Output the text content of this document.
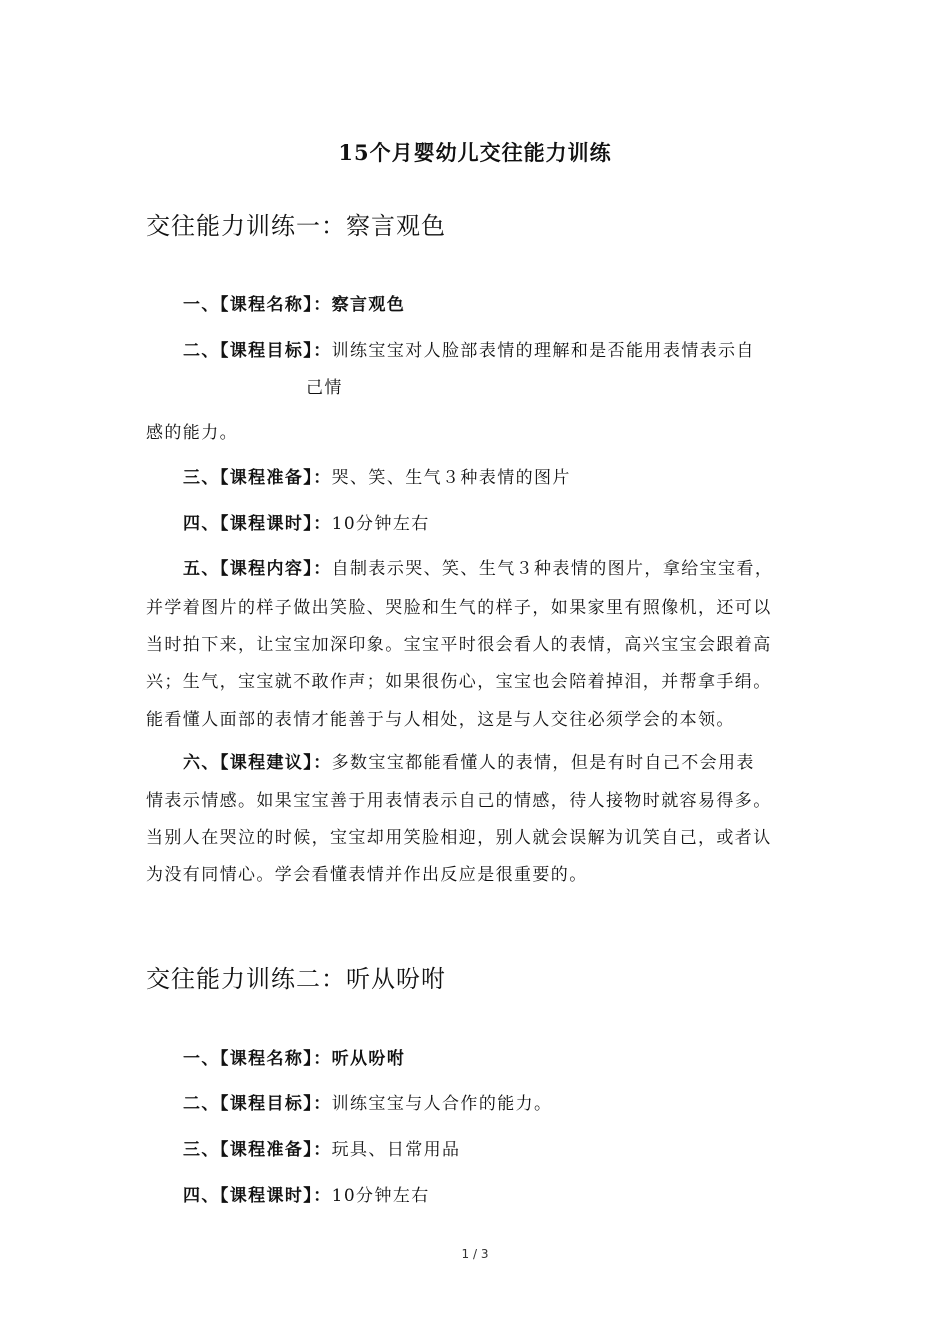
15个月婴幼儿交往能力训练
交往能力训练一：察言观色
一、【课程名称】：察言观色
二、【课程目标】：训练宝宝对人脸部表情的理解和是否能用表情表示自
己情
感的能力。
三、【课程准备】：哭、笑、生气３种表情的图片
四、【课程课时】：10分钟左右
五、【课程内容】：自制表示哭、笑、生气３种表情的图片，拿给宝宝看，
并学着图片的样子做出笑脸、哭脸和生气的样子，如果家里有照像机，还可以
当时拍下来，让宝宝加深印象。宝宝平时很会看人的表情，高兴宝宝会跟着高
兴；生气，宝宝就不敢作声；如果很伤心，宝宝也会陪着掉泪，并帮拿手绢。
能看懂人面部的表情才能善于与人相处，这是与人交往必须学会的本领。
六、【课程建议】：多数宝宝都能看懂人的表情，但是有时自己不会用表
情表示情感。如果宝宝善于用表情表示自己的情感，待人接物时就容易得多。
当别人在哭泣的时候，宝宝却用笑脸相迎，别人就会误解为讥笑自己，或者认
为没有同情心。学会看懂表情并作出反应是很重要的。
交往能力训练二：听从吩咐
一、【课程名称】：听从吩咐
二、【课程目标】：训练宝宝与人合作的能力。
三、【课程准备】：玩具、日常用品
四、【课程课时】：10分钟左右
1 / 3
